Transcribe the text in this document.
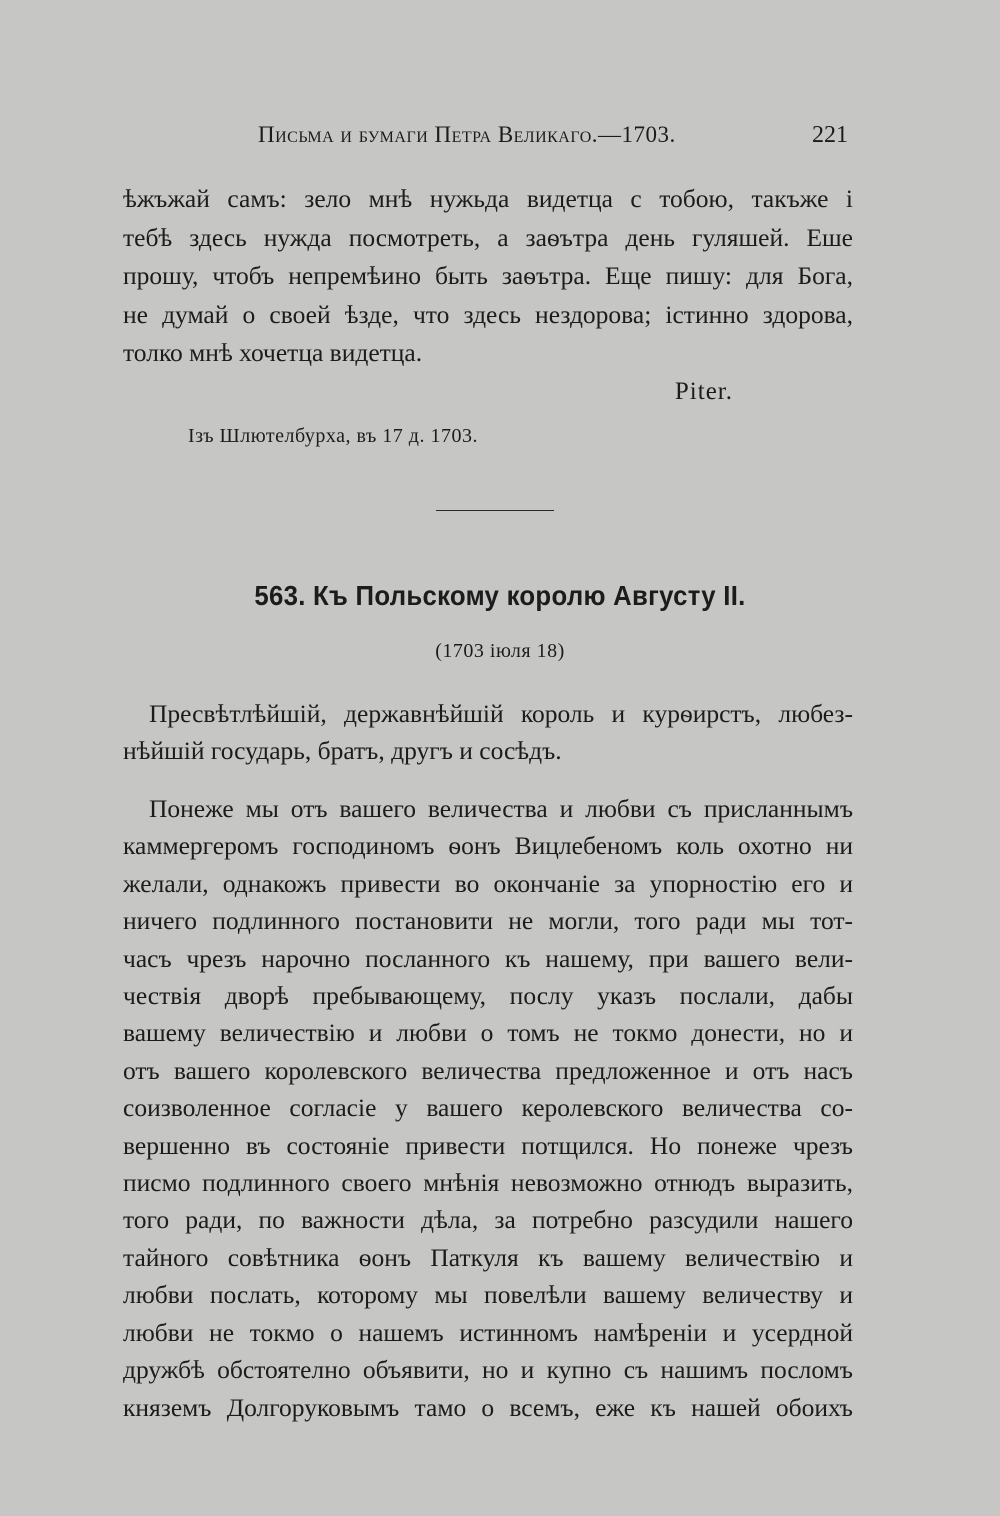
Письма и бумаги Петра Великаго.—1703.	221
ѣжъжай самъ: зело мнѣ нужьда видетца с тобою, такъже і
тебѣ здесь нужда посмотреть, а заѳътра день гуляшей. Еше
прошу, чтобъ непремѣино быть заѳътра. Еще пишу: для Бога,
не думай о своей ѣзде, что здесь нездорова; істинно здорова,
толко мнѣ хочетца видетца.
Piter.
Ізъ Шлютелбурха, въ 17 д. 1703.
563. Къ Польскому королю Августу II.
(1703 іюля 18)
Пресвѣтлѣйшій, державнѣйшій король и курѳирстъ, любез-
нѣйшій государь, братъ, другъ и сосѣдъ.
Понеже мы отъ вашего величества и любви съ присланнымъ
каммергеромъ господиномъ ѳонъ Вицлебеномъ коль охотно ни
желали, однакожъ привести во окончаніе за упорностію его и
ничего подлинного постановити не могли, того ради мы тот-
часъ чрезъ нарочно посланного къ нашему, при вашего вели-
чествія дворѣ пребывающему, послу указъ послали, дабы
вашему величествію и любви о томъ не токмо донести, но и
отъ вашего королевского величества предложенное и отъ насъ
соизволенное согласіе у вашего керолевского величества со-
вершенно въ состояніе привести потщился. Но понеже чрезъ
писмо подлинного своего мнѣнія невозможно отнюдъ выразить,
того ради, по важности дѣла, за потребно разсудили нашего
тайного совѣтника ѳонъ Паткуля къ вашему величествію и
любви послать, которому мы повелѣли вашему величеству и
любви не токмо о нашемъ истинномъ намѣреніи и усердной
дружбѣ обстоятелно объявити, но и купно съ нашимъ посломъ
княземъ Долгоруковымъ тамо о всемъ, еже къ нашей обоихъ
